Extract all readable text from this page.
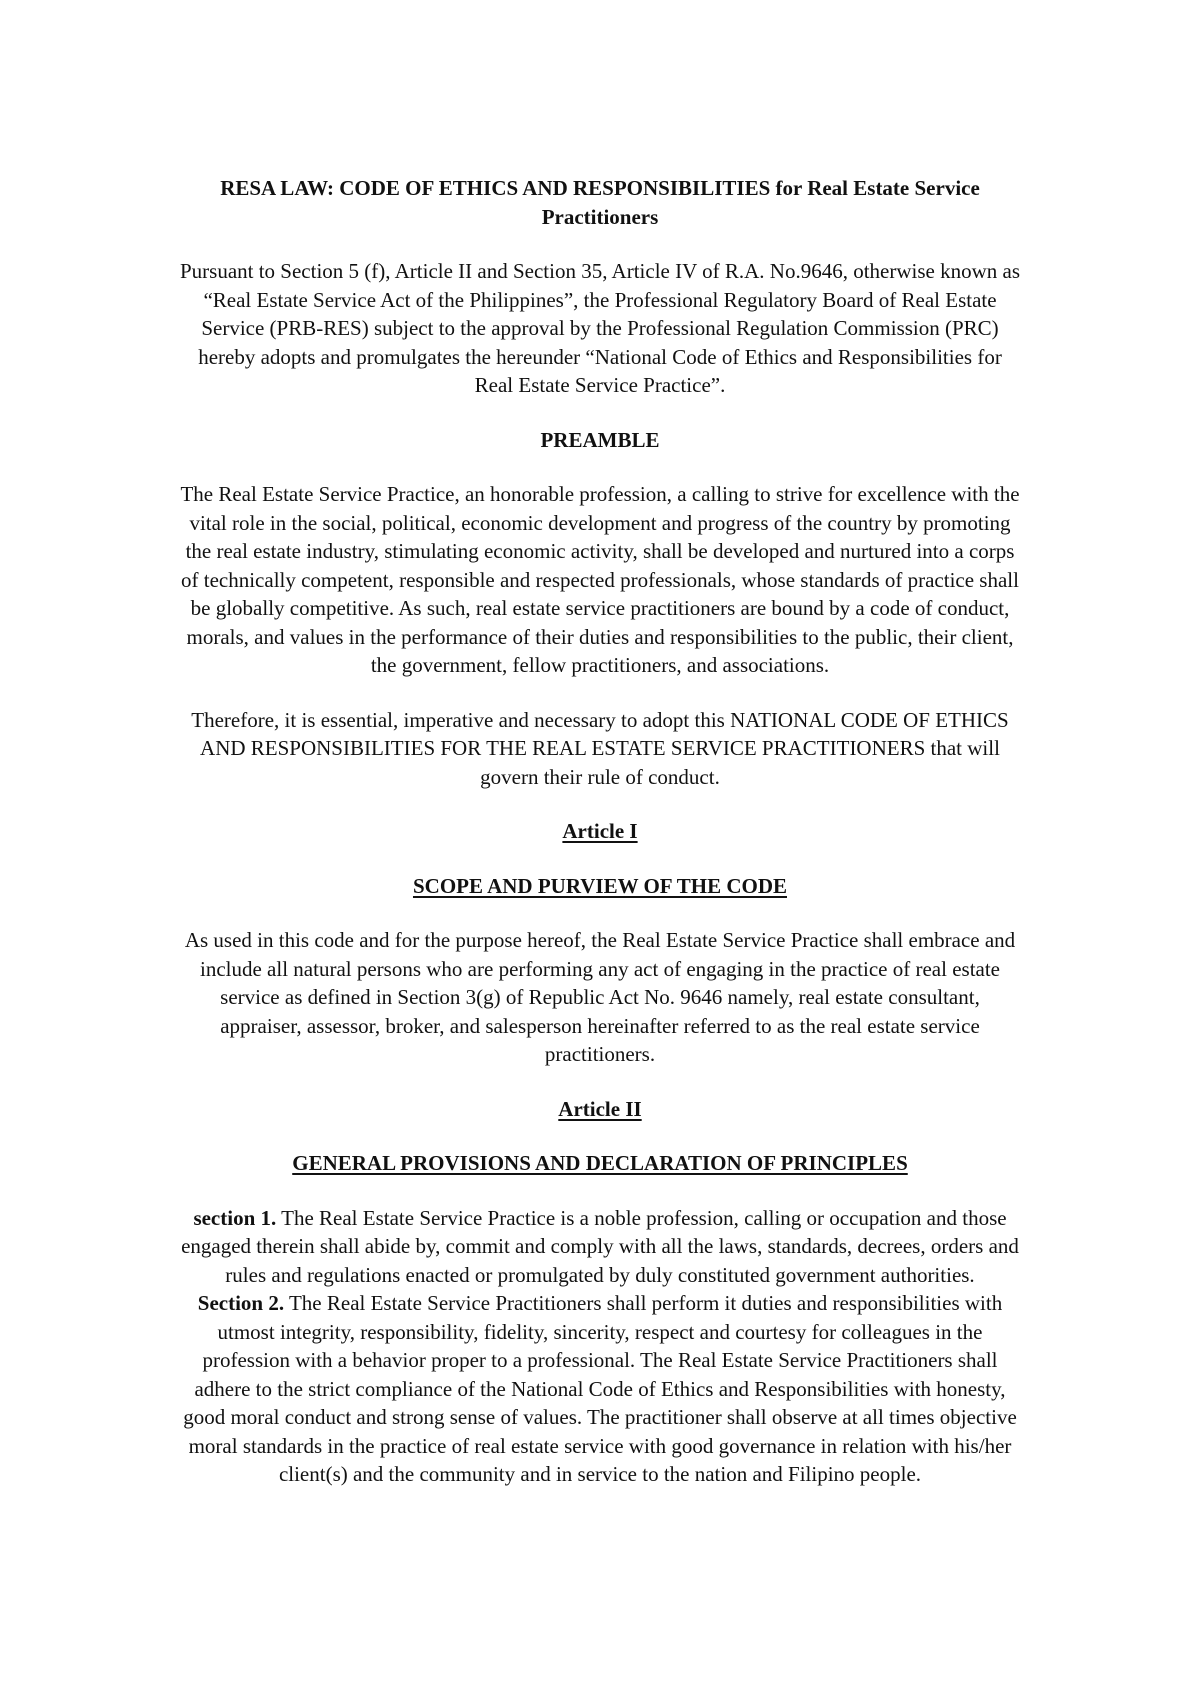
RESA LAW: CODE OF ETHICS AND RESPONSIBILITIES for Real Estate Service
Practitioners
Pursuant to Section 5 (f), Article II and Section 35, Article IV of R.A. No.9646, otherwise known as
“Real Estate Service Act of the Philippines”, the Professional Regulatory Board of Real Estate
Service (PRB-RES) subject to the approval by the Professional Regulation Commission (PRC)
hereby adopts and promulgates the hereunder “National Code of Ethics and Responsibilities for
Real Estate Service Practice”.
PREAMBLE
The Real Estate Service Practice, an honorable profession, a calling to strive for excellence with the
vital role in the social, political, economic development and progress of the country by promoting
the real estate industry, stimulating economic activity, shall be developed and nurtured into a corps
of technically competent, responsible and respected professionals, whose standards of practice shall
be globally competitive. As such, real estate service practitioners are bound by a code of conduct,
morals, and values in the performance of their duties and responsibilities to the public, their client,
the government, fellow practitioners, and associations.
Therefore, it is essential, imperative and necessary to adopt this NATIONAL CODE OF ETHICS
AND RESPONSIBILITIES FOR THE REAL ESTATE SERVICE PRACTITIONERS that will
govern their rule of conduct.
Article I
SCOPE AND PURVIEW OF THE CODE
As used in this code and for the purpose hereof, the Real Estate Service Practice shall embrace and
include all natural persons who are performing any act of engaging in the practice of real estate
service as defined in Section 3(g) of Republic Act No. 9646 namely, real estate consultant,
appraiser, assessor, broker, and salesperson hereinafter referred to as the real estate service
practitioners.
Article II
GENERAL PROVISIONS AND DECLARATION OF PRINCIPLES
section 1. The Real Estate Service Practice is a noble profession, calling or occupation and those
engaged therein shall abide by, commit and comply with all the laws, standards, decrees, orders and
rules and regulations enacted or promulgated by duly constituted government authorities.
Section 2. The Real Estate Service Practitioners shall perform it duties and responsibilities with
utmost integrity, responsibility, fidelity, sincerity, respect and courtesy for colleagues in the
profession with a behavior proper to a professional. The Real Estate Service Practitioners shall
adhere to the strict compliance of the National Code of Ethics and Responsibilities with honesty,
good moral conduct and strong sense of values. The practitioner shall observe at all times objective
moral standards in the practice of real estate service with good governance in relation with his/her
client(s) and the community and in service to the nation and Filipino people.
